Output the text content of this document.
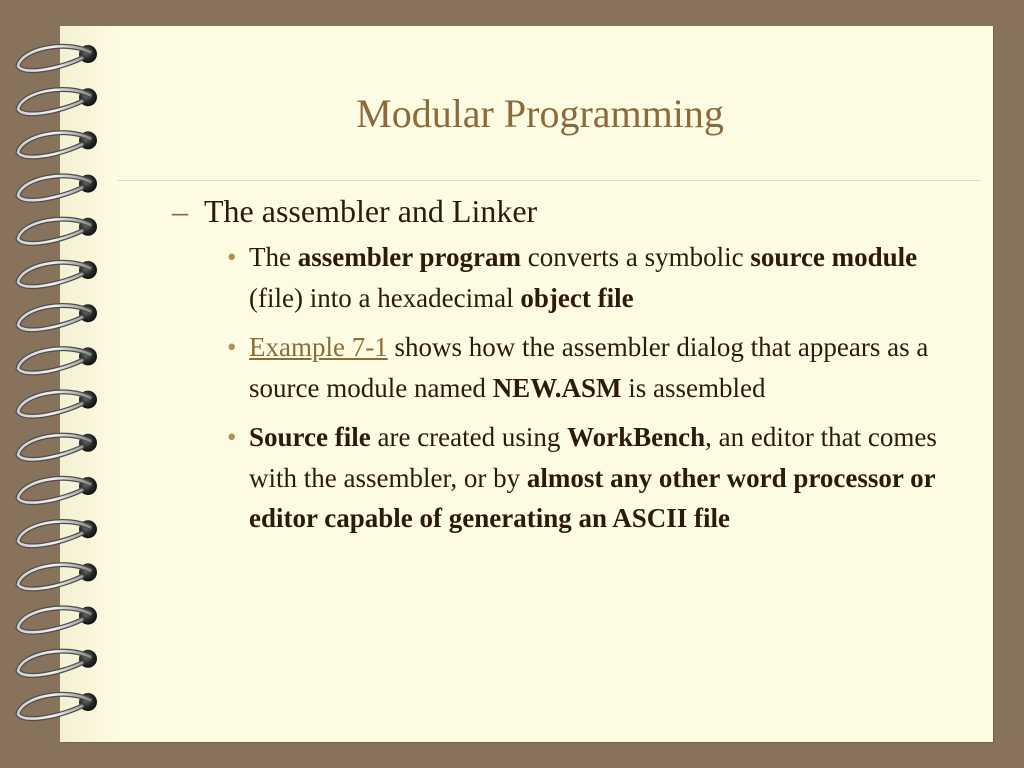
Modular Programming

– The assembler and Linker

• The assembler program converts a symbolic source module (file) into a hexadecimal object file
• Example 7-1 shows how the assembler dialog that appears as a source module named NEW.ASM is assembled
• Source file are created using WorkBench, an editor that comes with the assembler, or by almost any other word processor or editor capable of generating an ASCII file
